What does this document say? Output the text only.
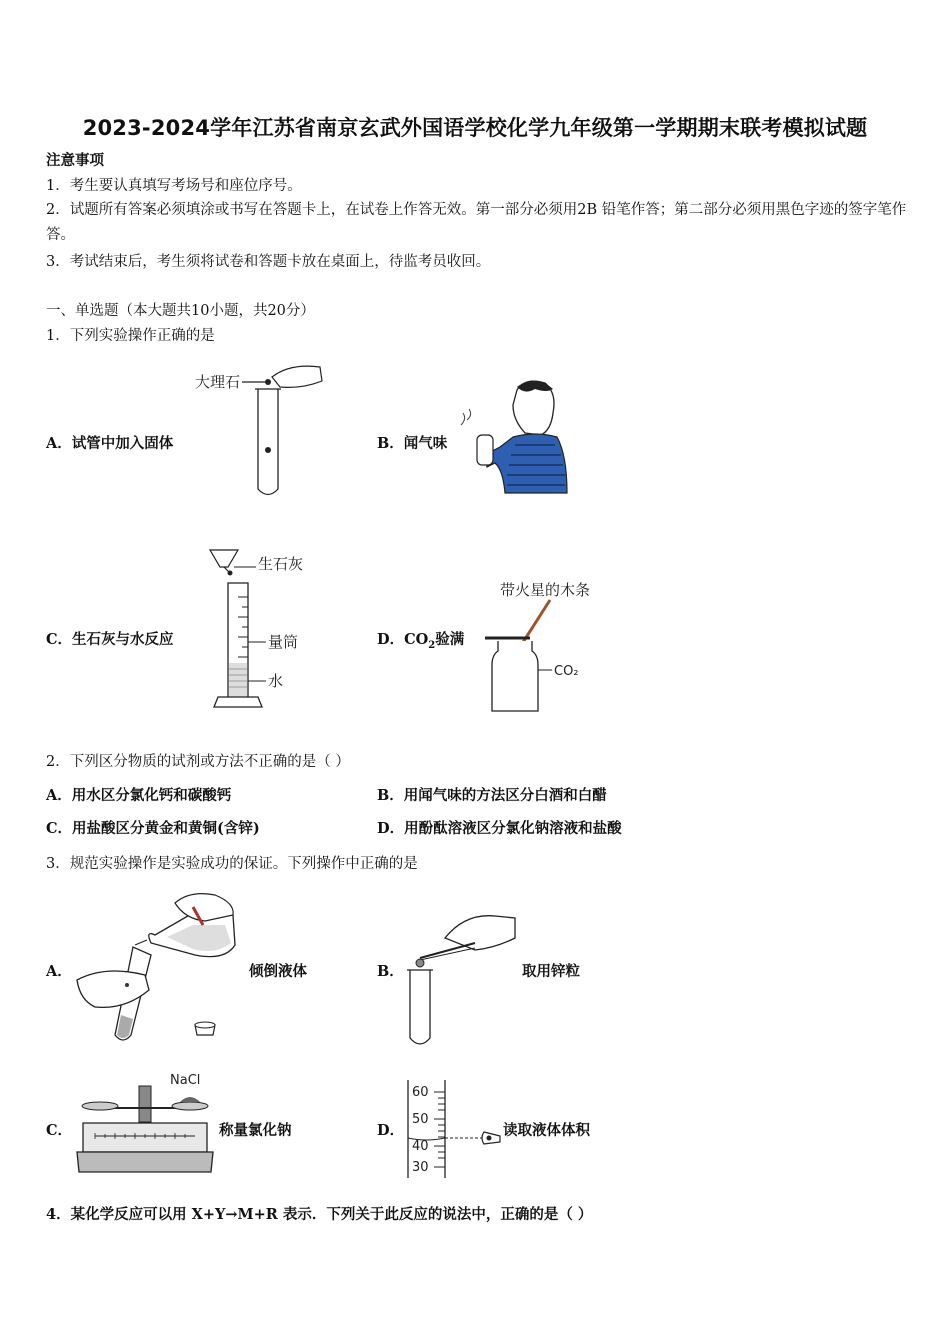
2023-2024学年江苏省南京玄武外国语学校化学九年级第一学期期末联考模拟试题
注意事项
1．考生要认真填写考场号和座位序号。
2．试题所有答案必须填涂或书写在答题卡上，在试卷上作答无效。第一部分必须用2B 铅笔作答；第二部分必须用黑色字迹的签字笔作答。
3．考试结束后，考生须将试卷和答题卡放在桌面上，待监考员收回。
一、单选题（本大题共10小题，共20分）
1．下列实验操作正确的是
A．试管中加入固体	B．闻气味
C．生石灰与水反应	D．$CO_2$验满
大理石
生石灰
量筒
水
带火星的木条
CO₂
2．下列区分物质的试剂或方法不正确的是（ ）
A．用水区分氯化钙和碳酸钙	B．用闻气味的方法区分白酒和白醋
C．用盐酸区分黄金和黄铜(含锌)	D．用酚酞溶液区分氯化钠溶液和盐酸
3．规范实验操作是实验成功的保证。下列操作中正确的是
A．	倾倒液体	B．	取用锌粒
C．	称量氯化钠	D．	读取液体体积
NaCl
60
50
40
30
4．某化学反应可以用 X+Y→M+R 表示．下列关于此反应的说法中，正确的是（ ）
